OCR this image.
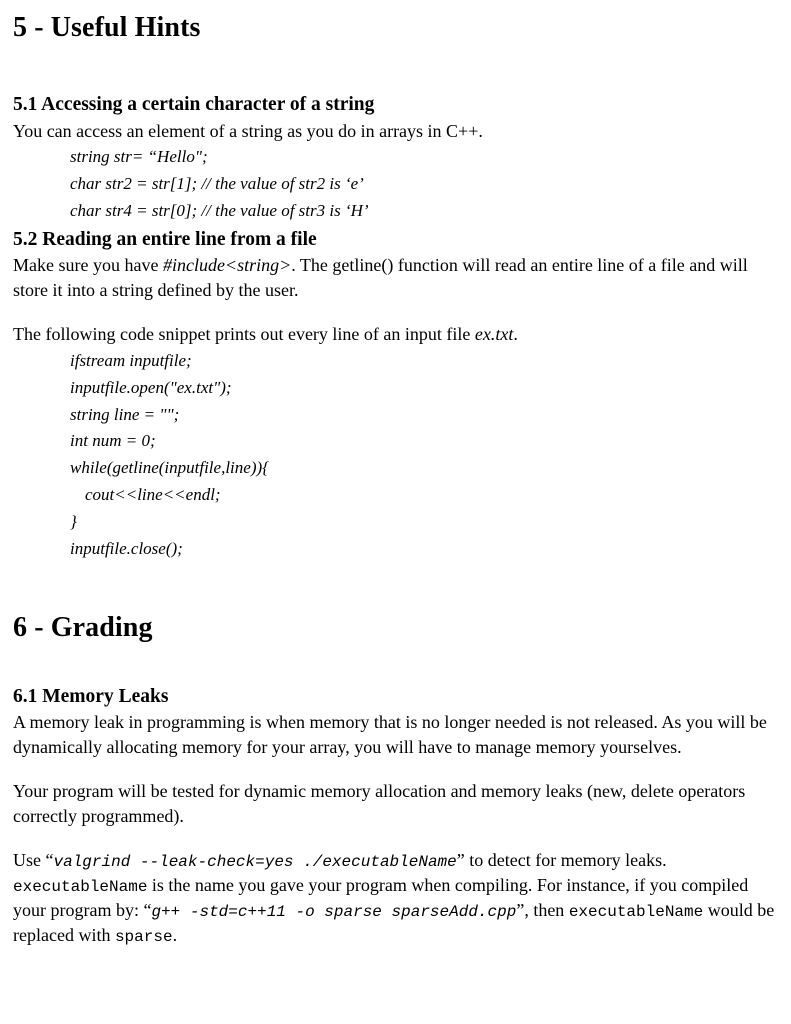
5 - Useful Hints
5.1 Accessing a certain character of a string

You can access an element of a string as you do in arrays in C++.

string str= “Hello";
char str2 = str[1]; // the value of str2 is ‘e’
char str4 = str[0]; // the value of str3 is ‘H’
5.2 Reading an entire line from a file

Make sure you have #include<string>. The getline() function will read an entire line of a file and will store it into a string defined by the user.

The following code snippet prints out every line of an input file ex.txt.

ifstream inputfile;
inputfile.open("ex.txt");
string line = "";
int num = 0;
while(getline(inputfile,line)){
cout<<line<<endl;
}
inputfile.close();
6 - Grading
6.1 Memory Leaks

A memory leak in programming is when memory that is no longer needed is not released. As you will be dynamically allocating memory for your array, you will have to manage memory yourselves.

Your program will be tested for dynamic memory allocation and memory leaks (new, delete operators correctly programmed).

Use “valgrind --leak-check=yes ./executableName” to detect for memory leaks. executableName is the name you gave your program when compiling. For instance, if you compiled your program by: “g++ -std=c++11 -o sparse sparseAdd.cpp”, then executableName would be replaced with sparse.
